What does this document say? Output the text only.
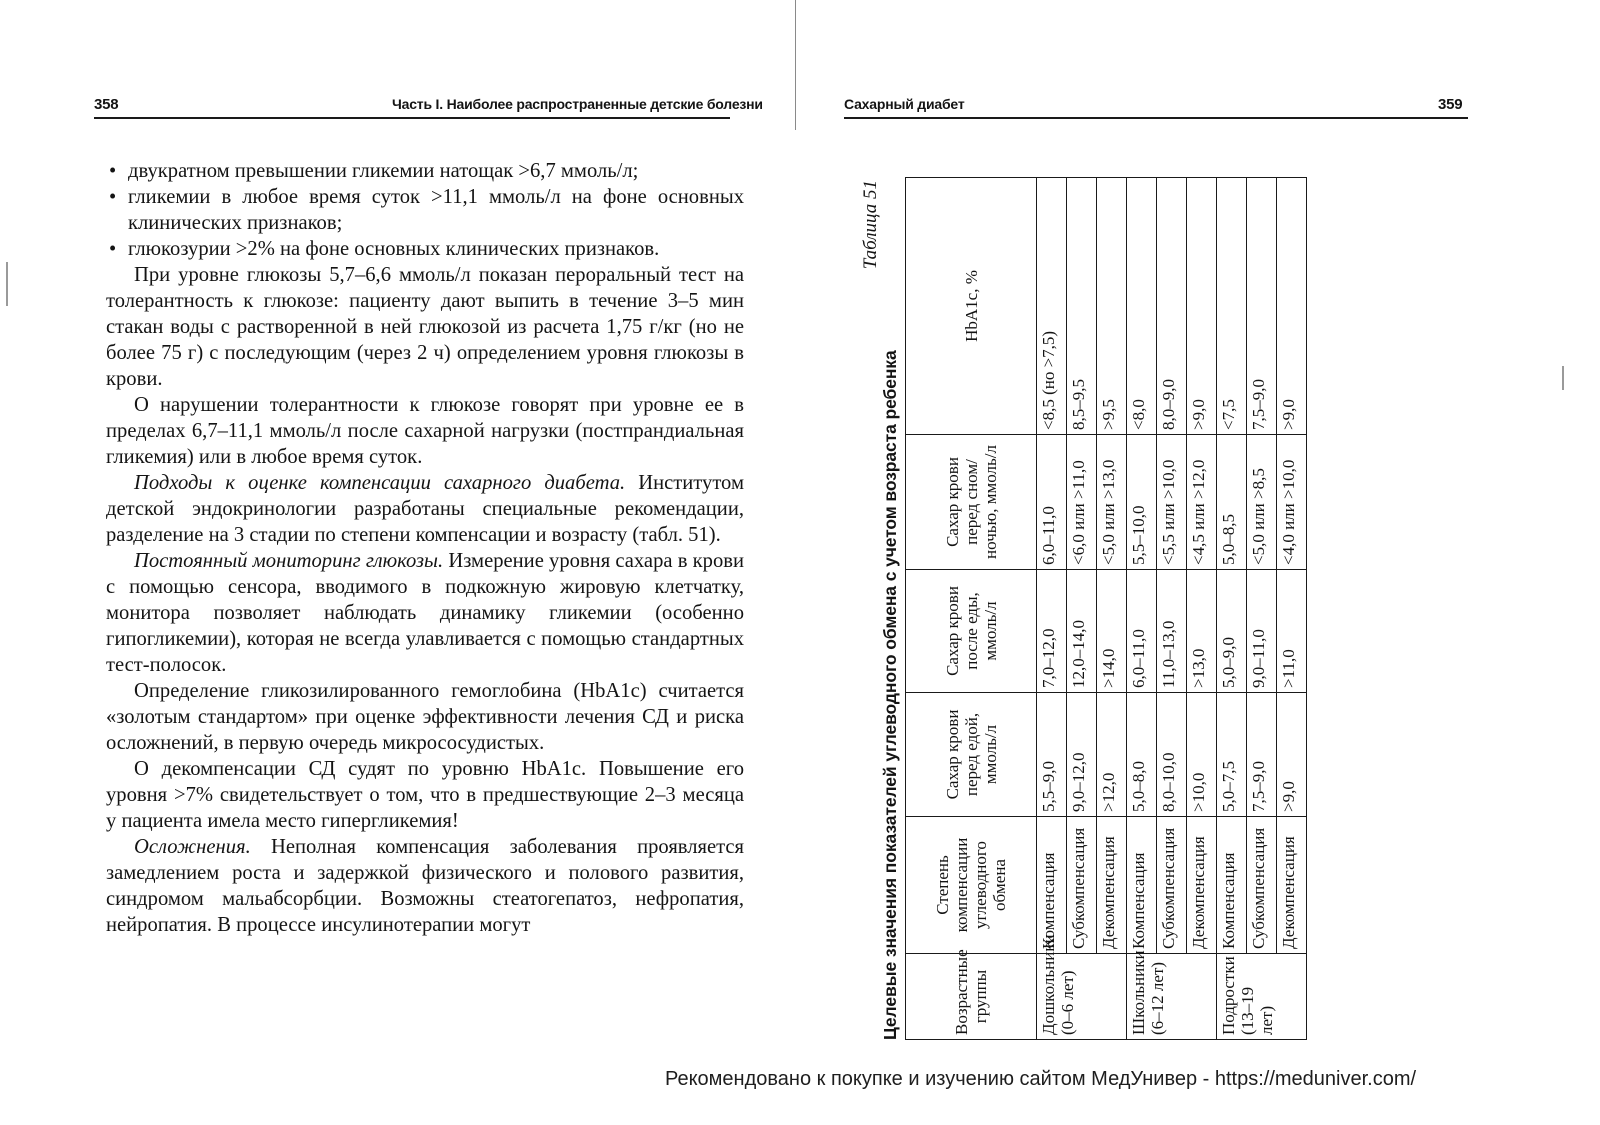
358	Часть I. Наиболее распространенные детские болезни
• двукратном превышении гликемии натощак >6,7 ммоль/л;
• гликемии в любое время суток >11,1 ммоль/л на фоне основных клинических признаков;
• глюкозурии >2% на фоне основных клинических признаков.

При уровне глюкозы 5,7–6,6 ммоль/л показан пероральный тест на толерантность к глюкозе: пациенту дают выпить в течение 3–5 мин стакан воды с растворенной в ней глюкозой из расчета 1,75 г/кг (но не более 75 г) с последующим (через 2 ч) определением уровня глюкозы в крови.

О нарушении толерантности к глюкозе говорят при уровне ее в пределах 6,7–11,1 ммоль/л после сахарной нагрузки (постпрандиальная гликемия) или в любое время суток.

Подходы к оценке компенсации сахарного диабета. Институтом детской эндокринологии разработаны специальные рекомендации, разделение на 3 стадии по степени компенсации и возрасту (табл. 51).

Постоянный мониторинг глюкозы. Измерение уровня сахара в крови с помощью сенсора, вводимого в подкожную жировую клетчатку, монитора позволяет наблюдать динамику гликемии (особенно гипогликемии), которая не всегда улавливается с помощью стандартных тест-полосок.

Определение гликозилированного гемоглобина (HbA1c) считается «золотым стандартом» при оценке эффективности лечения СД и риска осложнений, в первую очередь микрососудистых.

О декомпенсации СД судят по уровню HbA1c. Повышение его уровня >7% свидетельствует о том, что в предшествующие 2–3 месяца у пациента имела место гипергликемия!

Осложнения. Неполная компенсация заболевания проявляется замедлением роста и задержкой физического и полового развития, синдромом мальабсорбции. Возможны стеатогепатоз, нефропатия, нейропатия. В процессе инсулинотерапии могут

Сахарный диабет	359
Таблица 51
Целевые значения показателей углеводного обмена с учетом возраста ребенка	Возрастные группы	Степень компенсации углеводного обмена	Сахар крови перед едой, ммоль/л	Сахар крови после еды, ммоль/л	Сахар крови перед сном/ночью, ммоль/л	HbA1c, %
Дошкольники (0–6 лет)	Компенсация	5,5–9,0	7,0–12,0	6,0–11,0	<8,5 (но >7,5)
	Субкомпенсация	9,0–12,0	12,0–14,0	<6,0 или >11,0	8,5–9,5
	Декомпенсация	>12,0	>14,0	<5,0 или >13,0	>9,5
Школьники (6–12 лет)	Компенсация	5,0–8,0	6,0–11,0	5,5–10,0	<8,0
	Субкомпенсация	8,0–10,0	11,0–13,0	<5,5 или >10,0	8,0–9,0
	Декомпенсация	>10,0	>13,0	<4,5 или >12,0	>9,0
Подростки (13–19 лет)	Компенсация	5,0–7,5	5,0–9,0	5,0–8,5	<7,5
	Субкомпенсация	7,5–9,0	9,0–11,0	<5,0 или >8,5	7,5–9,0
	Декомпенсация	>9,0	>11,0	<4,0 или >10,0	>9,0
Рекомендовано к покупке и изучению сайтом МедУнивер - https://meduniver.com/
